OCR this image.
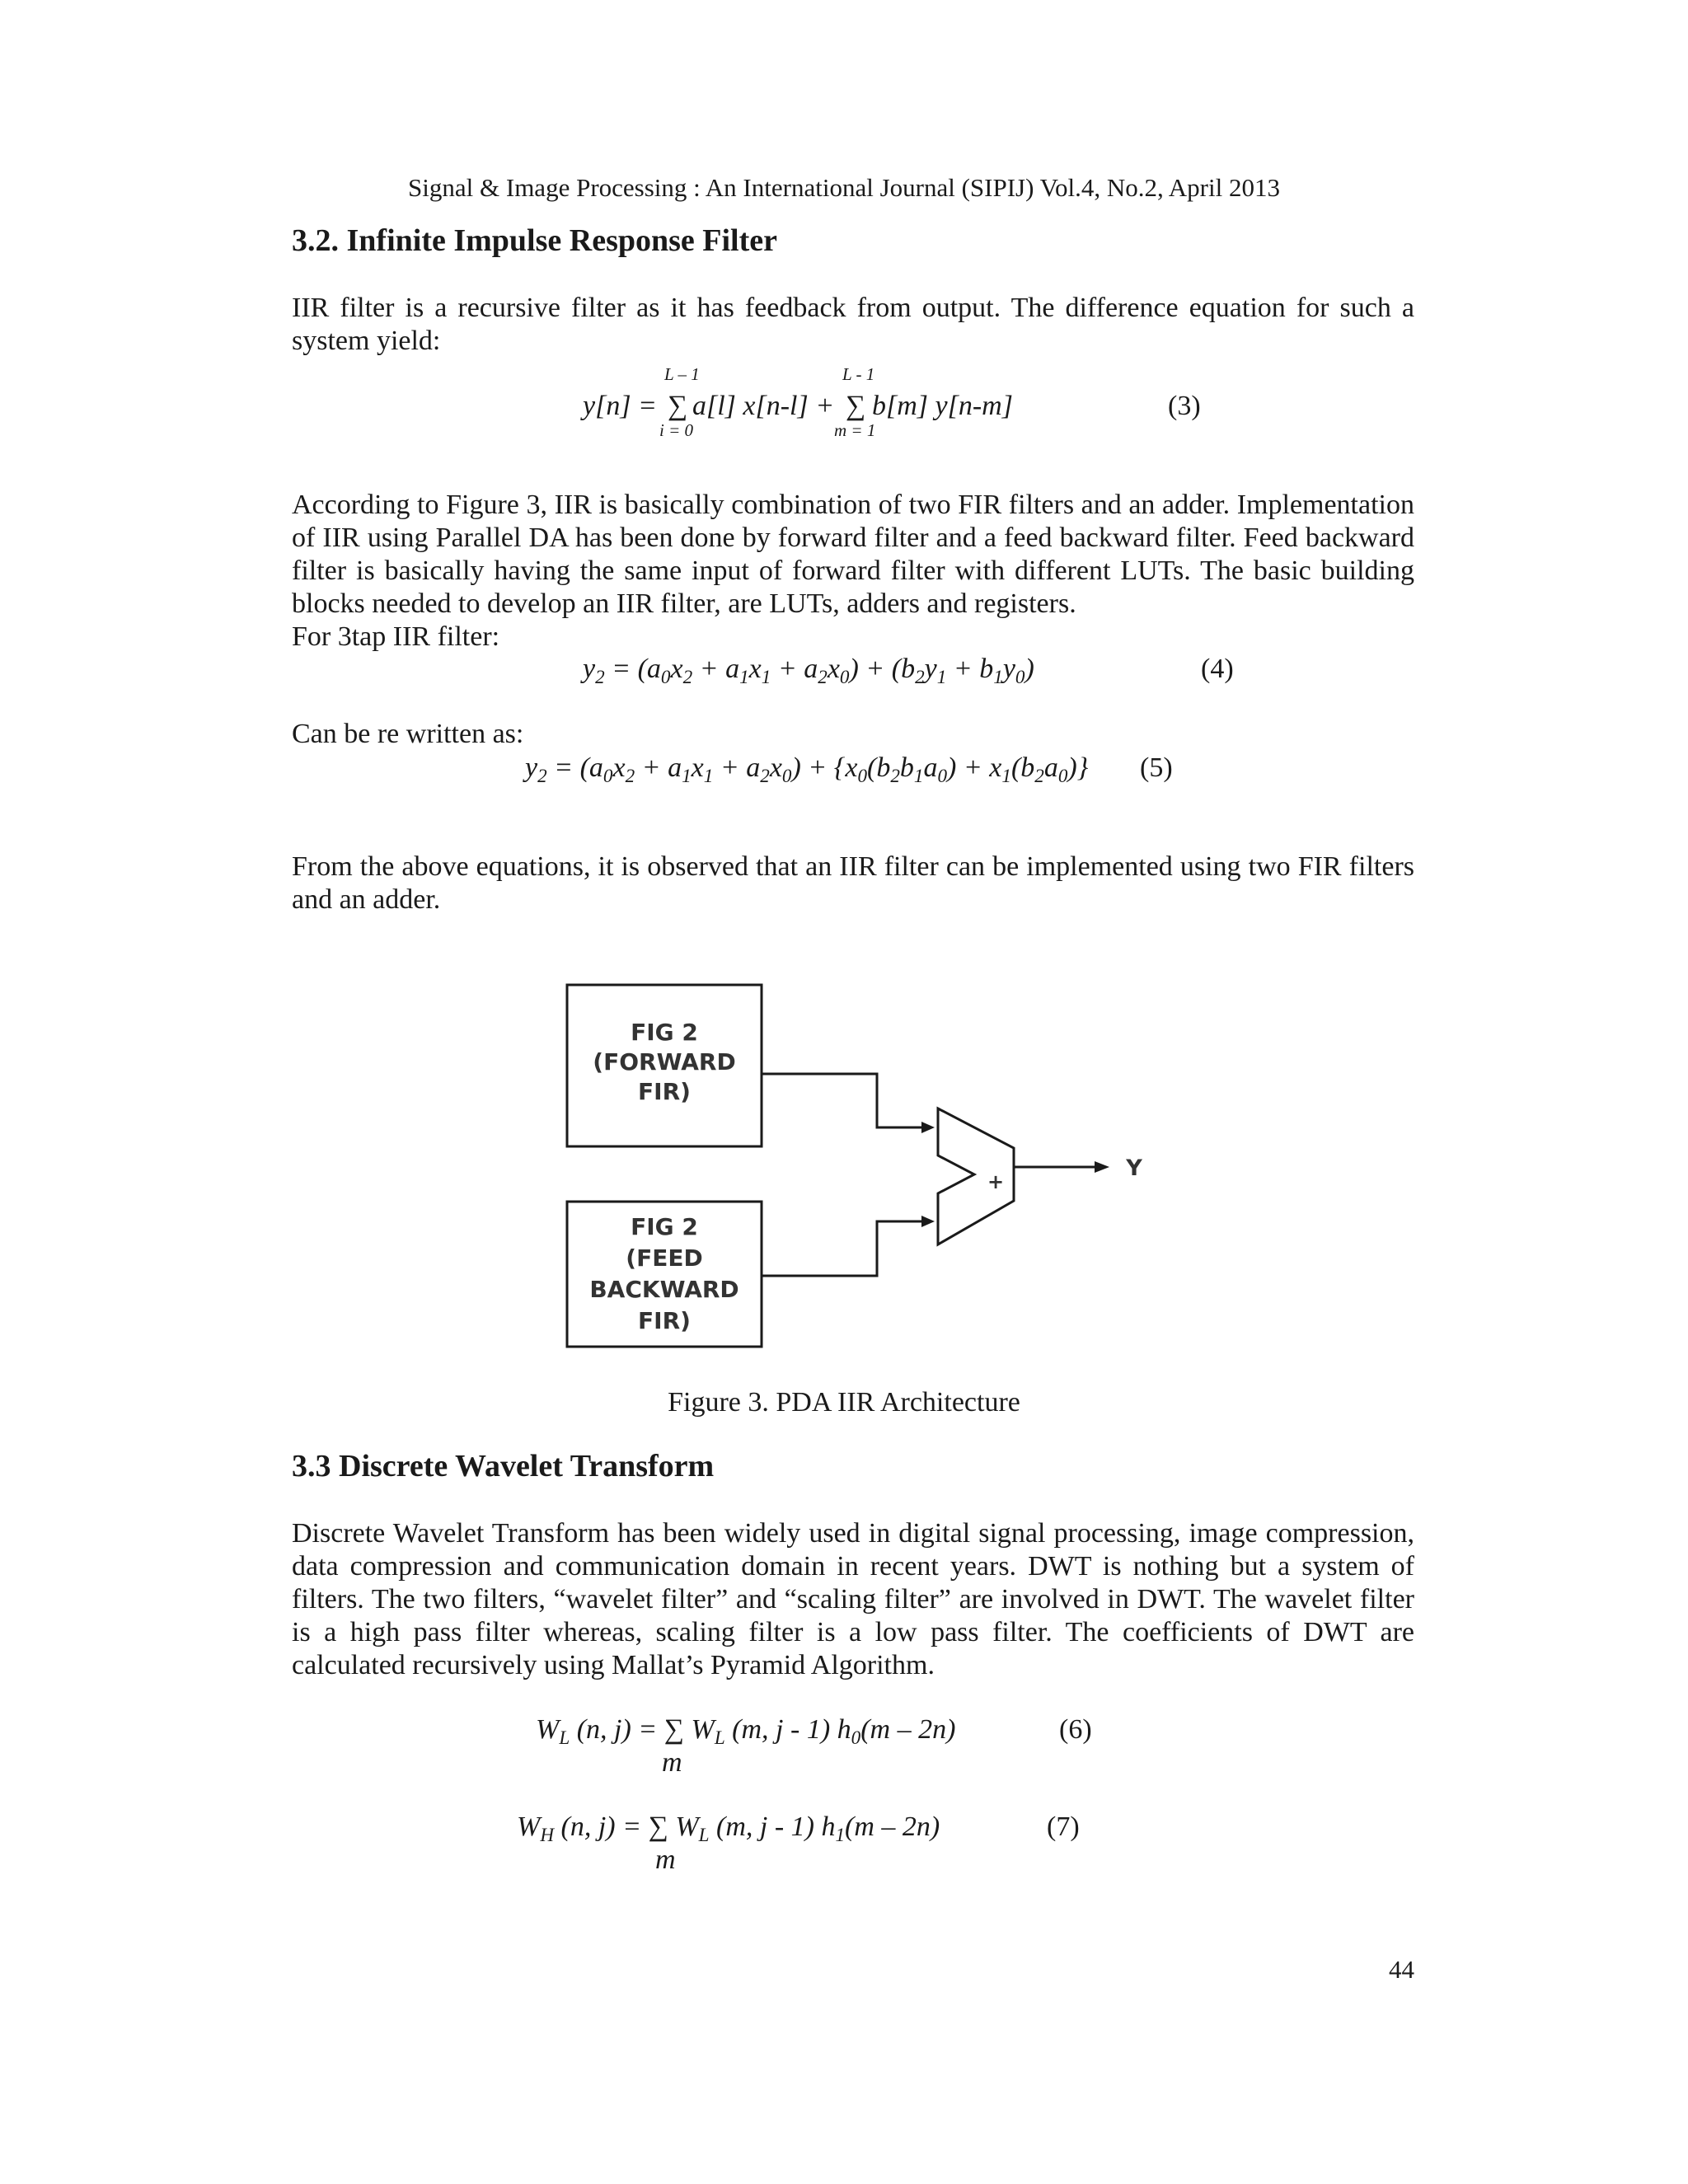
Signal & Image Processing : An International Journal (SIPIJ) Vol.4, No.2, April 2013
3.2. Infinite Impulse Response Filter
IIR filter is a recursive filter as it has feedback from output. The difference equation for such a system yield:
y[n] =
L – 1
∑
i = 0
a[l] x[n-l] +
L - 1
∑
m = 1
b[m] y[n-m]	(3)
According to Figure 3, IIR is basically combination of two FIR filters and an adder. Implementation of IIR using Parallel DA has been done by forward filter and a feed backward filter. Feed backward filter is basically having the same input of forward filter with different LUTs. The basic building blocks needed to develop an IIR filter, are LUTs, adders and registers.
For 3tap IIR filter:
$y_2 = (a_0x_2 + a_1x_1 + a_2x_0) + (b_2y_1 + b_1y_0)$	(4)
Can be re written as:
$y_2 = (a_0x_2 + a_1x_1 + a_2x_0) + \{x_0(b_2b_1a_0) + x_1(b_2a_0)\}$ (5)
From the above equations, it is observed that an IIR filter can be implemented using two FIR filters and an adder.
FIG 2
(FORWARD
FIR)
FIG 2
(FEED
BACKWARD
FIR)
+
Y
Figure 3. PDA IIR Architecture
3.3 Discrete Wavelet Transform
Discrete Wavelet Transform has been widely used in digital signal processing, image compression, data compression and communication domain in recent years. DWT is nothing but a system of filters. The two filters, “wavelet filter” and “scaling filter” are involved in DWT. The wavelet filter is a high pass filter whereas, scaling filter is a low pass filter. The coefficients of DWT are calculated recursively using Mallat’s Pyramid Algorithm.
$W_L$ (n, j) = ∑ $W_L$ (m, j - 1) $h_0(m - 2n)$
m
(6)
$W_H$ (n, j) = ∑ $W_L$ (m, j - 1) $h_1(m - 2n)$
m
(7)
44
